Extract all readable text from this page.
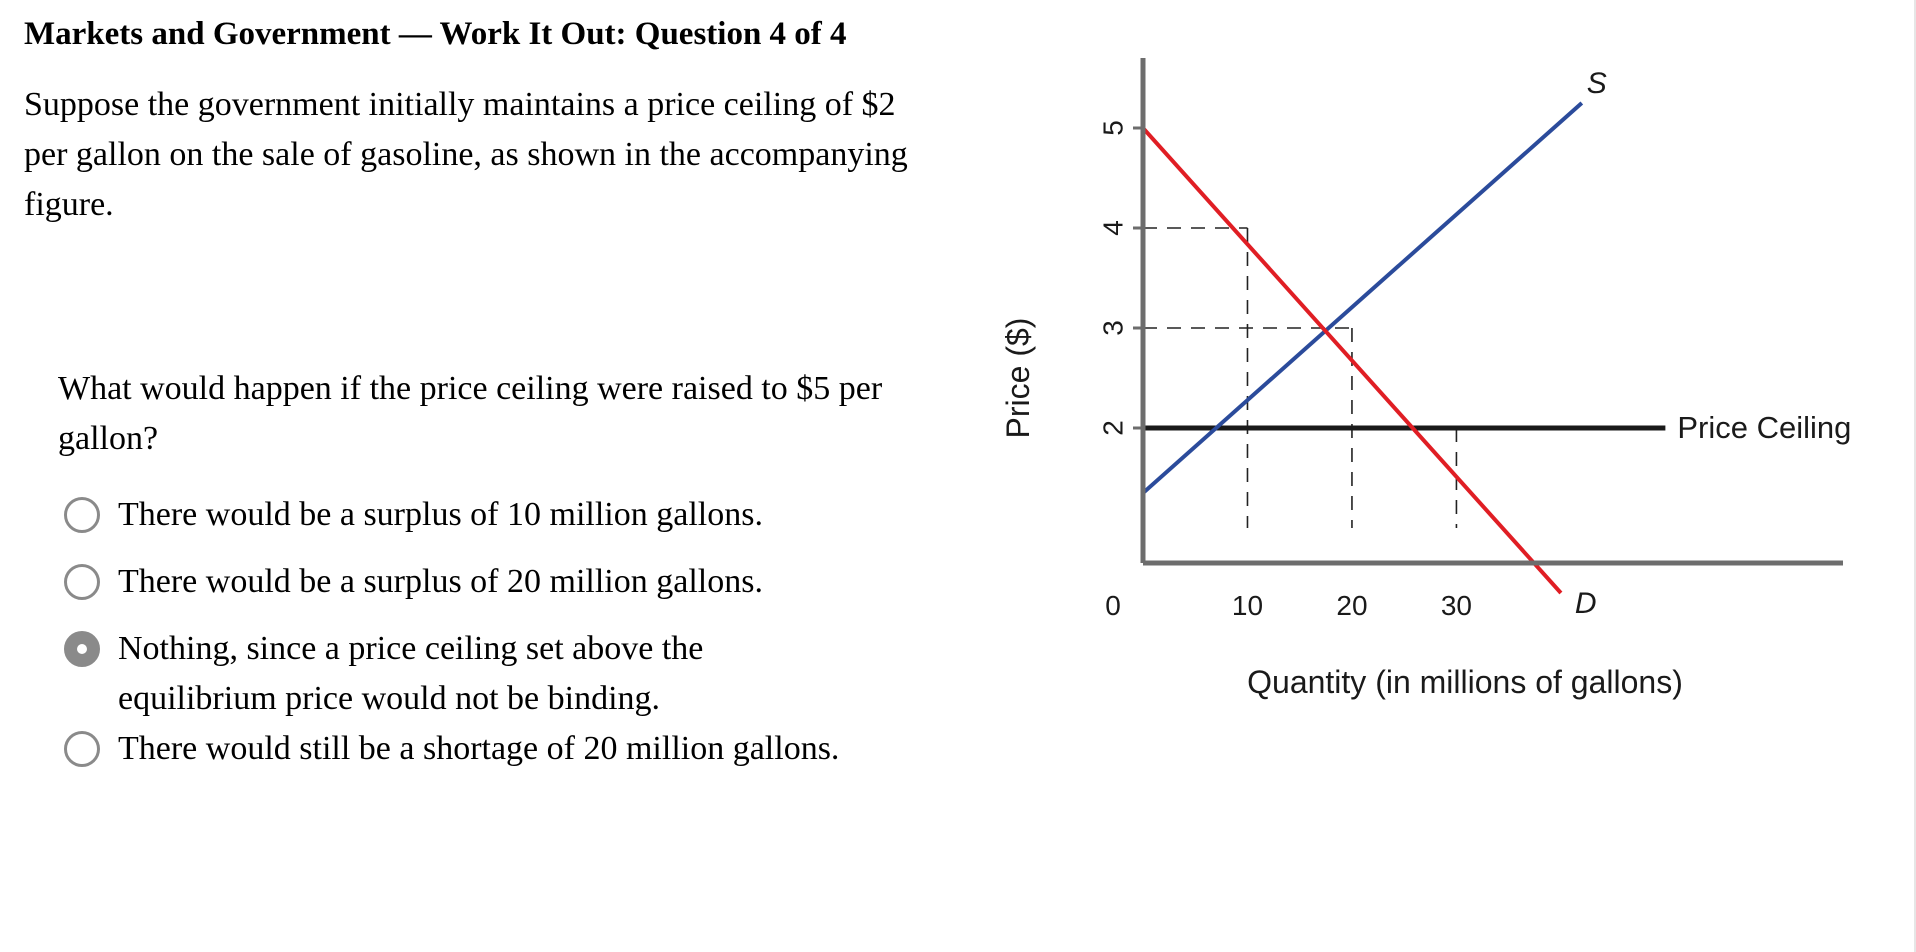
Markets and Government — Work It Out: Question 4 of 4
Suppose the government initially maintains a price ceiling of $2 per gallon on the sale of gasoline, as shown in the accompanying figure.
What would happen if the price ceiling were raised to $5 per gallon?
There would be a surplus of 10 million gallons.
There would be a surplus of 20 million gallons.
Nothing, since a price ceiling set above the equilibrium price would not be binding.
There would still be a shortage of 20 million gallons.
Price Ceiling
S
D
2
3
4
5
0	10	20	30
Quantity (in millions of gallons)
Price ($)
